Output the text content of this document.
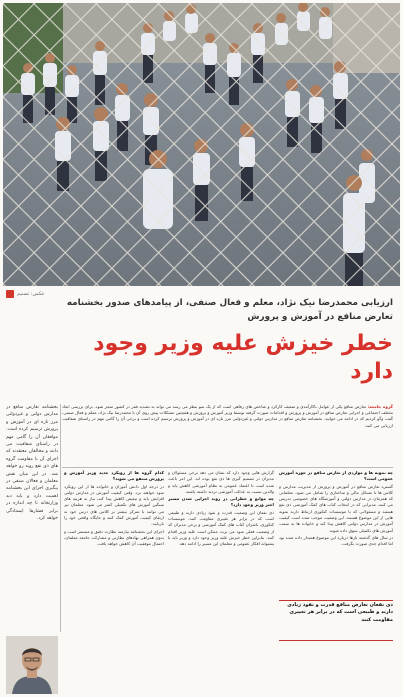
عکس: تسنیم
ارزیابی محمدرضا نیک نژاد، معلم و فعال صنفی، از پیامدهای صدور بخشنامه تعارض منافع در آموزش و پرورش
خطر خیزش علیه وزیر وجود دارد
گروه جامعه: تعارض منافع یکی از عوامل ناکارآمدی و ضعیف کارکرد و شاخص های رفاهی است که از یک سو بنظر می رسد می تواند به تشدید فقر در کشور منجر شود. برای بررسی ابعاد مختلف اجتماعی و اجرایی تعارض منافع در آموزش و پرورش و اقدامات صورت گرفته توسط وزیر آموزش و پرورش و همچنین مشکلات پیش روی آن با محمدرضا نیک نژاد، معلم و فعال صنفی، گفت وگو کردیم که در ادامه می خوانید. بخشنامه تعارض منافع در مدارس دولتی و غیردولتی مرز تازه ای در آموزش و پرورش ترسیم کرده است و برخی آن را گامی مهم در راستای شفافیت ارزیابی می کنند.
بخشنامه تعارض منافع در مدارس دولتی و غیردولتی مرز تازه ای در آموزش و پرورش ترسیم کرده است. موافقان آن را گامی مهم در راستای شفافیت می دانند و مخالفان معتقدند که اجرای آن با مقاومت گروه های ذی نفع روبه رو خواهد شد. در این میان نقش معلمان و فعالان صنفی در پیگیری اجرای این بخشنامه اهمیت دارد و باید دید وزارتخانه تا چه اندازه در برابر فشارها ایستادگی خواهد کرد.

چه نمونه ها و مواردی از تعارض منافع در حوزه آموزش عمومی است؟

گستره تعارض منافع در آموزش و پرورش از مدیریت مدارس و کلاس ها تا مسائل مالی و ساختاری را شامل می شود. معلمانی که همزمان در مدارس دولتی و آموزشگاه های خصوصی تدریس می کنند، مدیرانی که در انتخاب کتاب های کمک آموزشی ذی نفع هستند و مسئولانی که با موسسات کنکوری ارتباط دارند نمونه هایی از این موضوع هستند. این وضعیت موجب شده است کیفیت آموزش در مدارس دولتی کاهش پیدا کند و خانواده ها به سمت آموزش های تکمیلی سوق داده شوند.

در سال های گذشته بارها درباره این موضوع هشدار داده شده بود اما اقدام جدی صورت نگرفت.

گزارش هایی وجود دارد که نشان می دهد برخی مسئولان و مدیران در تصمیم گیری ها ذی نفع بوده اند. این امر باعث شده است تا اعتماد عمومی به نظام آموزشی کاهش یابد و والدین نسبت به عدالت آموزشی تردید داشته باشند.

چه موانع و خطراتی در روند اجرایی شدن مسیر اخیر وزیر وجود دارد؟

ذی نفعان این وضعیت قدرت و نفوذ زیادی دارند و طبیعی است که در برابر هر تغییری مقاومت کنند. موسسات کنکوری، ناشران کتاب های کمک آموزشی و برخی مدیران که از وضعیت فعلی سود می برند، ممکن است علیه وزیر اقدام کنند. بنابراین خطر خیزش علیه وزیر وجود دارد و وزیر باید با پشتوانه افکار عمومی و معلمان این مسیر را ادامه دهد.

کدام گروه ها از رویکرد جدید وزیر آموزش و پرورش منتفع می شوند؟

در درجه اول دانش آموزان و خانواده ها از این رویکرد سود خواهند برد. وقتی کیفیت آموزش در مدارس دولتی افزایش یابد و تبعیض کاهش پیدا کند، نیاز به هزینه های سنگین آموزش های تکمیلی کمتر می شود. معلمان نیز می توانند با تمرکز بیشتر بر کلاس های درس خود به ارتقای کیفیت آموزش کمک کنند و جایگاه واقعی خود را بازیابند.

اجرای این بخشنامه نیازمند نظارت دقیق و مستمر است و بدون همراهی نهادهای نظارتی و مشارکت جامعه معلمان، احتمال موفقیت آن کاهش خواهد یافت.

ذی نفعان تعارض منافع قدرت و نفوذ زیادی دارند و طبیعی است که در برابر هر تغییری مقاومت کنند
